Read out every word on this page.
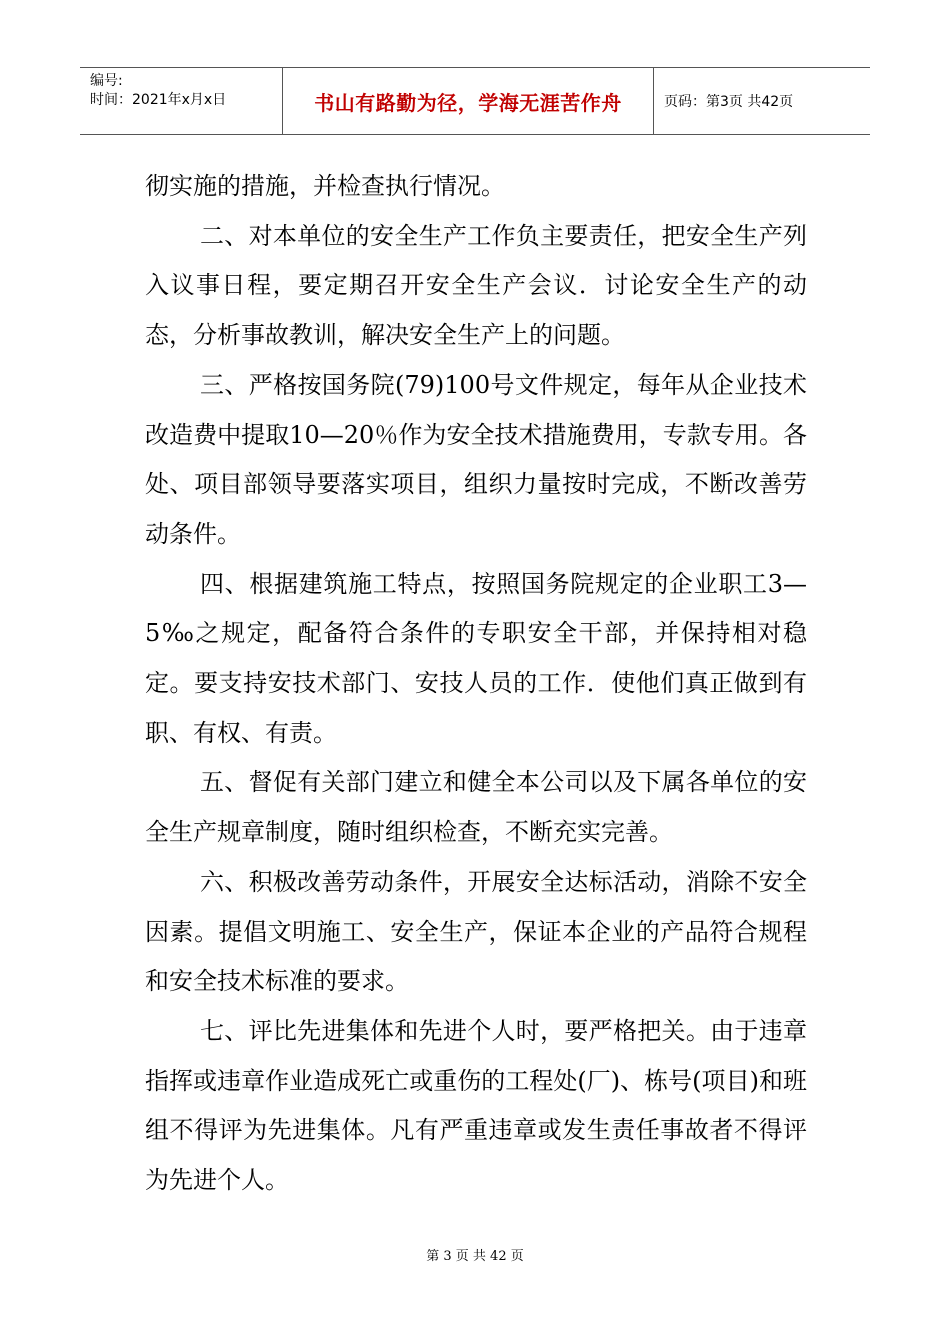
编号:
时间：2021年x月x日	书山有路勤为径，学海无涯苦作舟	页码：第3页 共42页

彻实施的措施，并检查执行情况。

二、对本单位的安全生产工作负主要责任，把安全生产列入议事日程，要定期召开安全生产会议．讨论安全生产的动态，分析事故教训，解决安全生产上的问题。

三、严格按国务院(79)100号文件规定，每年从企业技术改造费中提取10—20％作为安全技术措施费用，专款专用。各处、项目部领导要落实项目，组织力量按时完成，不断改善劳动条件。

四、根据建筑施工特点，按照国务院规定的企业职工3—5‰之规定，配备符合条件的专职安全干部，并保持相对稳定。要支持安技术部门、安技人员的工作．使他们真正做到有职、有权、有责。

五、督促有关部门建立和健全本公司以及下属各单位的安全生产规章制度，随时组织检查，不断充实完善。

六、积极改善劳动条件，开展安全达标活动，消除不安全因素。提倡文明施工、安全生产，保证本企业的产品符合规程和安全技术标准的要求。

七、评比先进集体和先进个人时，要严格把关。由于违章指挥或违章作业造成死亡或重伤的工程处(厂)、栋号(项目)和班组不得评为先进集体。凡有严重违章或发生责任事故者不得评为先进个人。

第 3 页 共 42 页
